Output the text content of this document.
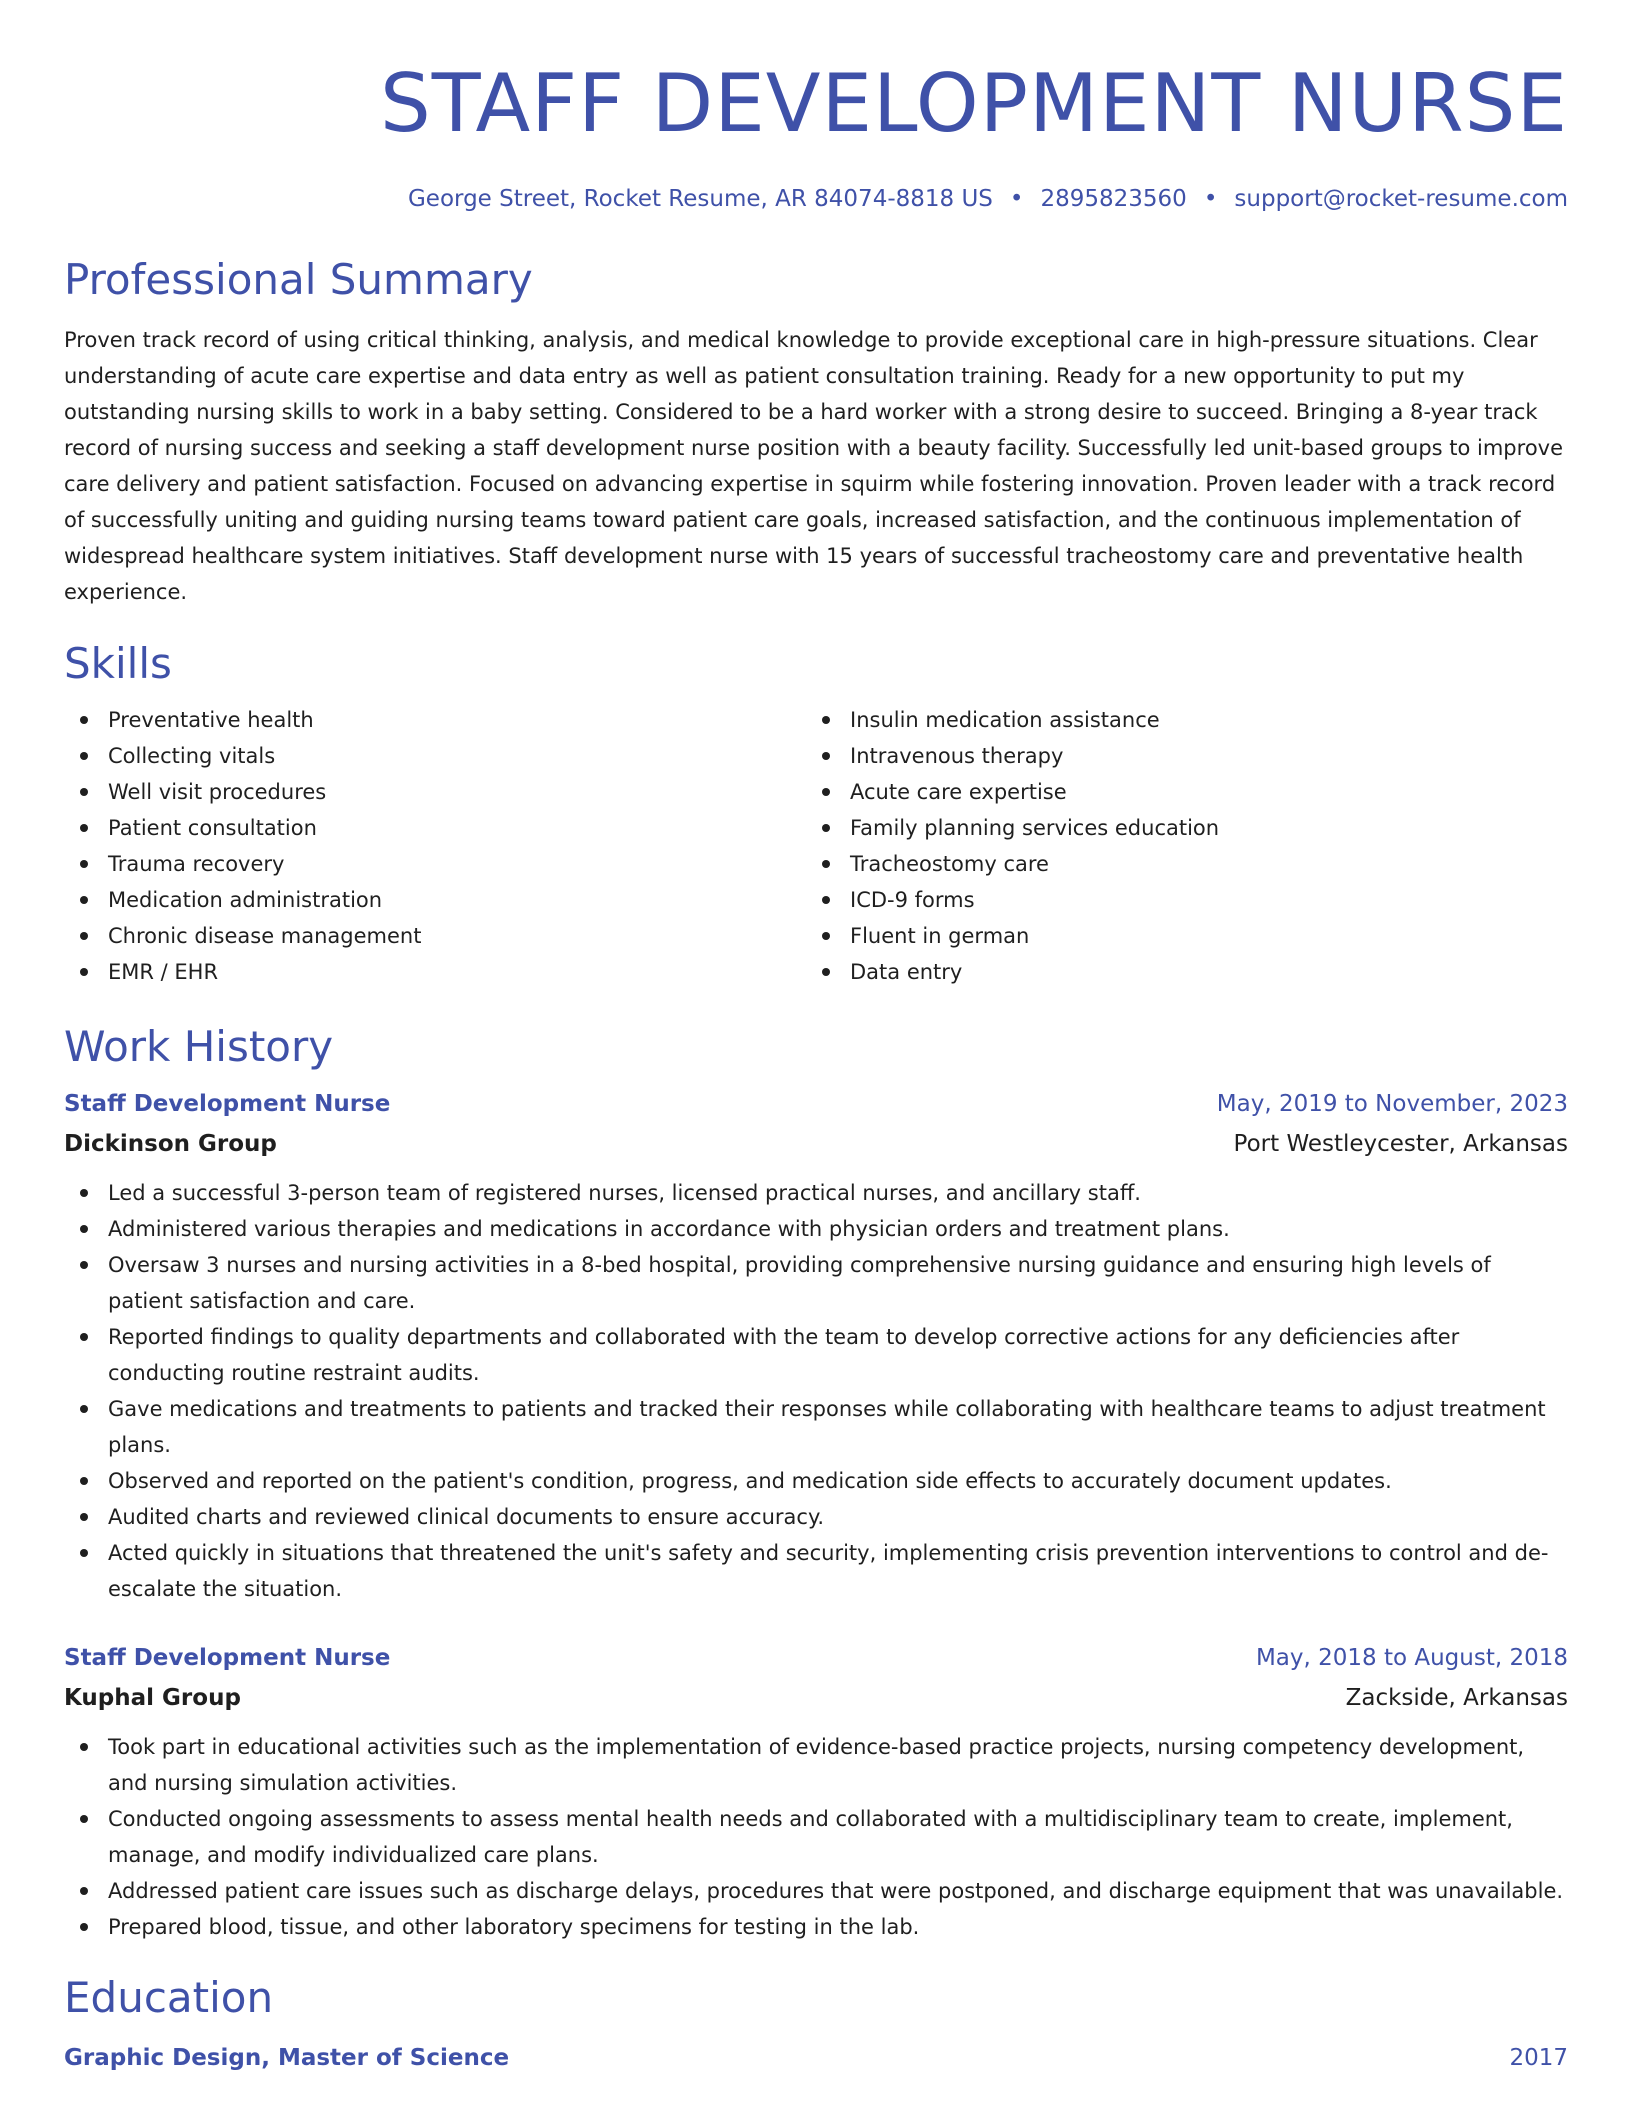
STAFF DEVELOPMENT NURSE
George Street, Rocket Resume, AR 84074-8818 US • 2895823560 • support@rocket-resume.com
Professional Summary
Proven track record of using critical thinking, analysis, and medical knowledge to provide exceptional care in high-pressure situations. Clear understanding of acute care expertise and data entry as well as patient consultation training. Ready for a new opportunity to put my outstanding nursing skills to work in a baby setting. Considered to be a hard worker with a strong desire to succeed. Bringing a 8-year track record of nursing success and seeking a staff development nurse position with a beauty facility. Successfully led unit-based groups to improve care delivery and patient satisfaction. Focused on advancing expertise in squirm while fostering innovation. Proven leader with a track record of successfully uniting and guiding nursing teams toward patient care goals, increased satisfaction, and the continuous implementation of widespread healthcare system initiatives. Staff development nurse with 15 years of successful tracheostomy care and preventative health experience.
Skills
Preventative health
Collecting vitals
Well visit procedures
Patient consultation
Trauma recovery
Medication administration
Chronic disease management
EMR / EHR
Insulin medication assistance
Intravenous therapy
Acute care expertise
Family planning services education
Tracheostomy care
ICD-9 forms
Fluent in german
Data entry
Work History
Staff Development Nurse	May, 2019 to November, 2023
Dickinson Group	Port Westleycester, Arkansas
Led a successful 3-person team of registered nurses, licensed practical nurses, and ancillary staff.
Administered various therapies and medications in accordance with physician orders and treatment plans.
Oversaw 3 nurses and nursing activities in a 8-bed hospital, providing comprehensive nursing guidance and ensuring high levels of patient satisfaction and care.
Reported findings to quality departments and collaborated with the team to develop corrective actions for any deficiencies after conducting routine restraint audits.
Gave medications and treatments to patients and tracked their responses while collaborating with healthcare teams to adjust treatment plans.
Observed and reported on the patient's condition, progress, and medication side effects to accurately document updates.
Audited charts and reviewed clinical documents to ensure accuracy.
Acted quickly in situations that threatened the unit's safety and security, implementing crisis prevention interventions to control and de-escalate the situation.
Staff Development Nurse	May, 2018 to August, 2018
Kuphal Group	Zackside, Arkansas
Took part in educational activities such as the implementation of evidence-based practice projects, nursing competency development, and nursing simulation activities.
Conducted ongoing assessments to assess mental health needs and collaborated with a multidisciplinary team to create, implement, manage, and modify individualized care plans.
Addressed patient care issues such as discharge delays, procedures that were postponed, and discharge equipment that was unavailable.
Prepared blood, tissue, and other laboratory specimens for testing in the lab.
Education
Graphic Design, Master of Science	2017
